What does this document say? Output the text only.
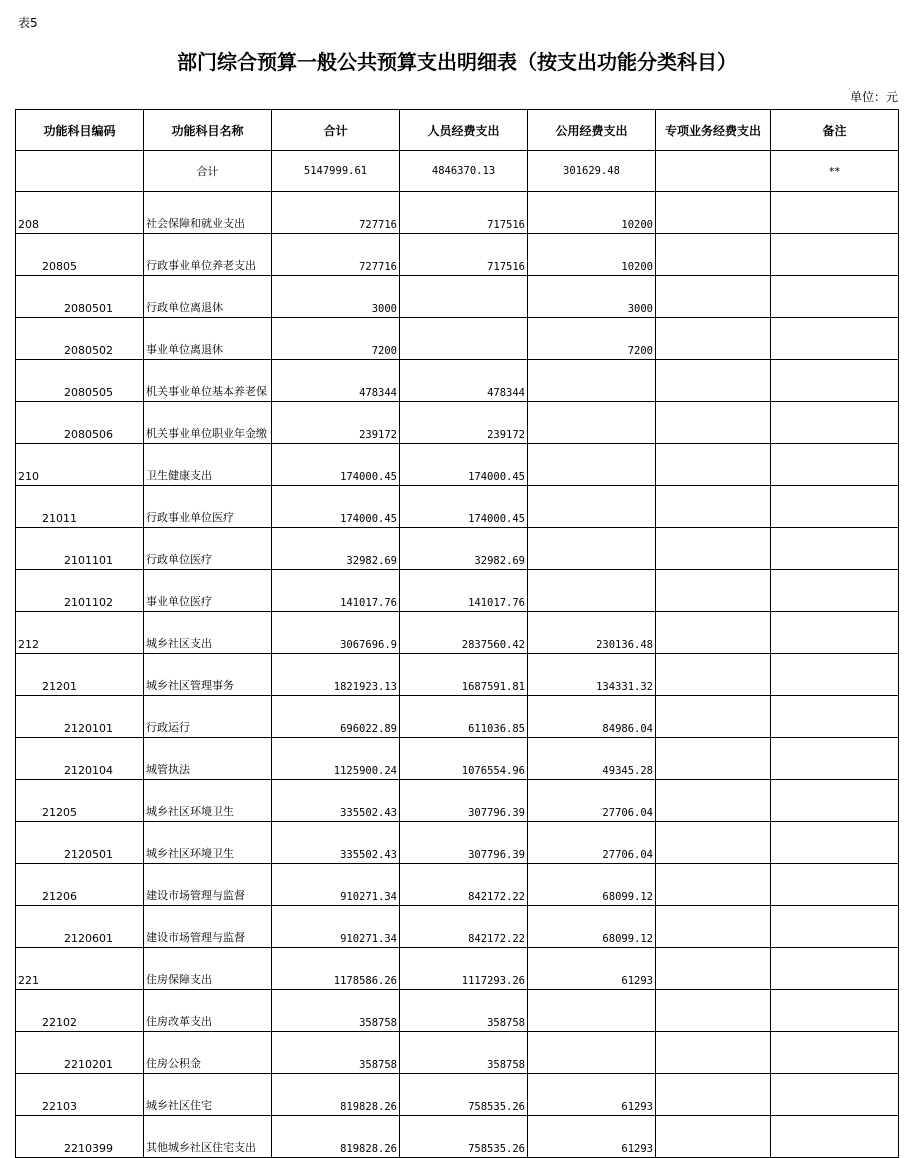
表5
部门综合预算一般公共预算支出明细表（按支出功能分类科目）
单位：元
功能科目编码	功能科目名称	合计	人员经费支出	公用经费支出	专项业务经费支出	备注
	合计	5147999.61	4846370.13	301629.48		**
208	社会保障和就业支出	727716	717516	10200		
20805	行政事业单位养老支出	727716	717516	10200		
2080501	行政单位离退休	3000		3000		
2080502	事业单位离退休	7200		7200		
2080505	机关事业单位基本养老保	478344	478344			
2080506	机关事业单位职业年金缴	239172	239172			
210	卫生健康支出	174000.45	174000.45			
21011	行政事业单位医疗	174000.45	174000.45			
2101101	行政单位医疗	32982.69	32982.69			
2101102	事业单位医疗	141017.76	141017.76			
212	城乡社区支出	3067696.9	2837560.42	230136.48		
21201	城乡社区管理事务	1821923.13	1687591.81	134331.32		
2120101	行政运行	696022.89	611036.85	84986.04		
2120104	城管执法	1125900.24	1076554.96	49345.28		
21205	城乡社区环境卫生	335502.43	307796.39	27706.04		
2120501	城乡社区环境卫生	335502.43	307796.39	27706.04		
21206	建设市场管理与监督	910271.34	842172.22	68099.12		
2120601	建设市场管理与监督	910271.34	842172.22	68099.12		
221	住房保障支出	1178586.26	1117293.26	61293		
22102	住房改革支出	358758	358758			
2210201	住房公积金	358758	358758			
22103	城乡社区住宅	819828.26	758535.26	61293		
2210399	其他城乡社区住宅支出	819828.26	758535.26	61293		
